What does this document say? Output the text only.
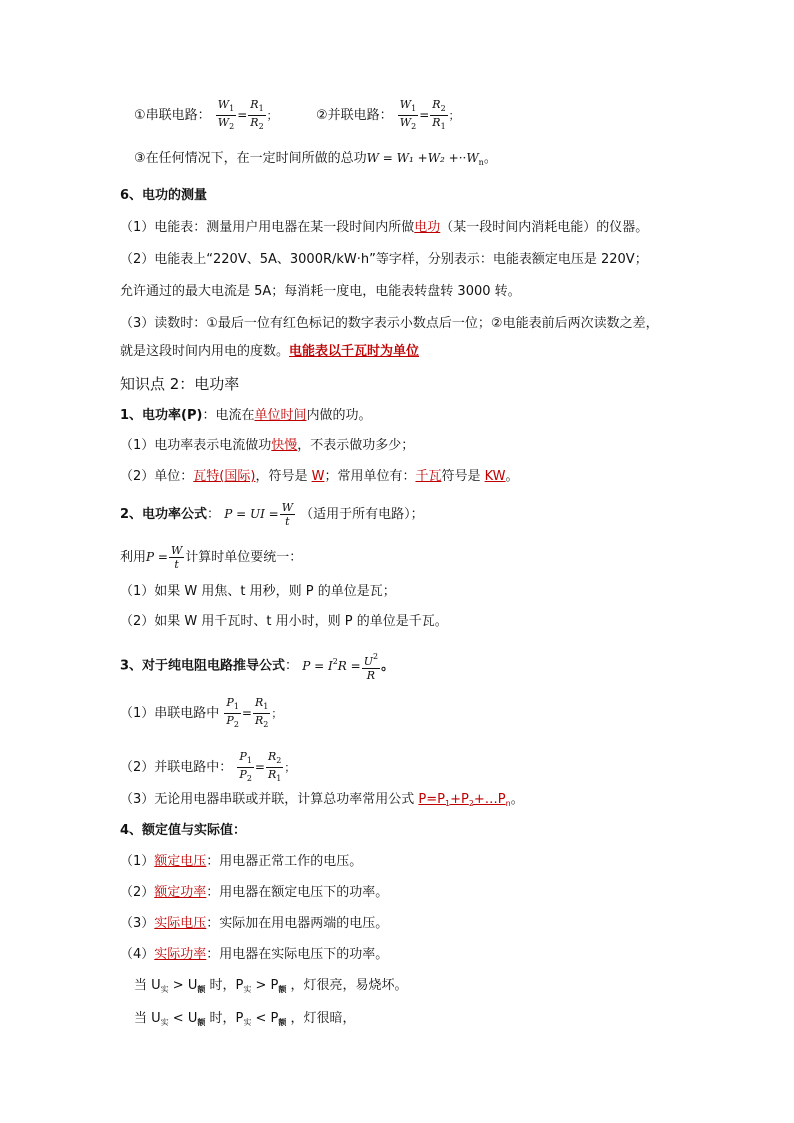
①串联电路： $\frac{W_1}{W_2} = \frac{R_1}{R_2}$ ；	②并联电路： $\frac{W_1}{W_2} = \frac{R_2}{R_1}$ ；
③在任何情况下，在一定时间所做的总功$W = W_1 +W_2 +\cdot\cdot W_n$。
6、电功的测量
（1）电能表：测量用户用电器在某一段时间内所做电功（某一段时间内消耗电能）的仪器。
（2）电能表上“220V、5A、3000R/kW·h”等字样，分别表示：电能表额定电压是 220V；
允许通过的最大电流是 5A；每消耗一度电，电能表转盘转 3000 转。
（3）读数时：①最后一位有红色标记的数字表示小数点后一位；②电能表前后两次读数之差，
就是这段时间内用电的度数。电能表以千瓦时为单位
知识点 2：电功率
1、电功率(P)：电流在单位时间内做的功。
（1）电功率表示电流做功快慢，不表示做功多少；
（2）单位：瓦特(国际)，符号是 W；常用单位有：千瓦符号是 KW。
2、电功率公式： P = UI = $\frac{W}{t}$ （适用于所有电路）；
利用$P = \frac{W}{t}$ 计算时单位要统一：
（1）如果 W 用焦、t 用秒，则 P 的单位是瓦；
（2）如果 W 用千瓦时、t 用小时，则 P 的单位是千瓦。
3、对于纯电阻电路推导公式： $P = I^2R = \frac{U^2}{R}$ 。
（1）串联电路中 $\frac{P_1}{P_2} = \frac{R_1}{R_2}$ ；
（2）并联电路中： $\frac{P_1}{P_2} = \frac{R_2}{R_1}$ ；
（3）无论用电器串联或并联，计算总功率常用公式 $P=P_1+P_2+\dots P_n$。
4、额定值与实际值：
（1）额定电压：用电器正常工作的电压。
（2）额定功率：用电器在额定电压下的功率。
（3）实际电压：实际加在用电器两端的电压。
（4）实际功率：用电器在实际电压下的功率。
当 $U_实 > U_额$ 时，$P_实 > P_额$ ，灯很亮，易烧坏。
当 $U_实 < U_额$ 时，$P_实 < P_额$ ，灯很暗，
